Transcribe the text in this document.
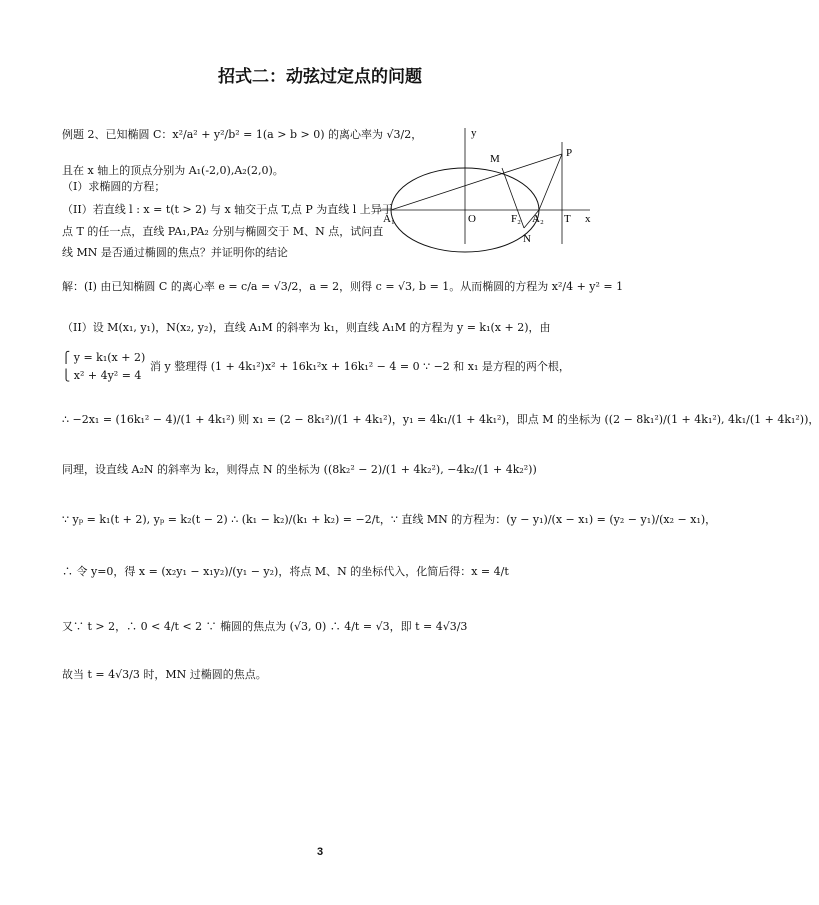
招式二：动弦过定点的问题
例题 2、已知椭圆 C：x²/a² + y²/b² = 1(a > b > 0) 的离心率为 √3/2，
且在 x 轴上的顶点分别为 A₁(-2,0),A₂(2,0)。
（I）求椭圆的方程；
（II）若直线 l : x = t(t > 2) 与 x 轴交于点 T,点 P 为直线 l 上异于
点 T 的任一点，直线 PA₁,PA₂ 分别与椭圆交于 M、N 点，试问直
线 MN 是否通过椭圆的焦点？并证明你的结论
y
x
O
A₁	A₂
F₂
M
N
P
T
解：(I) 由已知椭圆 C 的离心率 e = c/a = √3/2，a = 2，则得 c = √3, b = 1。从而椭圆的方程为 x²/4 + y² = 1
（II）设 M(x₁, y₁)，N(x₂, y₂)，直线 A₁M 的斜率为 k₁，则直线 A₁M 的方程为 y = k₁(x + 2)，由
⎧ y = k₁(x + 2)
⎩ x² + 4y² = 4
消 y 整理得 (1 + 4k₁²)x² + 16k₁²x + 16k₁² − 4 = 0 ∵ −2 和 x₁ 是方程的两个根，
∴ −2x₁ = (16k₁² − 4)/(1 + 4k₁²) 则 x₁ = (2 − 8k₁²)/(1 + 4k₁²)，y₁ = 4k₁/(1 + 4k₁²)，即点 M 的坐标为 ((2 − 8k₁²)/(1 + 4k₁²), 4k₁/(1 + 4k₁²))，
同理，设直线 A₂N 的斜率为 k₂，则得点 N 的坐标为 ((8k₂² − 2)/(1 + 4k₂²), −4k₂/(1 + 4k₂²))
∵ yₚ = k₁(t + 2), yₚ = k₂(t − 2) ∴ (k₁ − k₂)/(k₁ + k₂) = −2/t，∵ 直线 MN 的方程为：(y − y₁)/(x − x₁) = (y₂ − y₁)/(x₂ − x₁)，
∴ 令 y=0，得 x = (x₂y₁ − x₁y₂)/(y₁ − y₂)，将点 M、N 的坐标代入，化简后得：x = 4/t
又∵ t > 2，∴ 0 < 4/t < 2 ∵ 椭圆的焦点为 (√3, 0) ∴ 4/t = √3，即 t = 4√3/3
故当 t = 4√3/3 时，MN 过椭圆的焦点。
3
